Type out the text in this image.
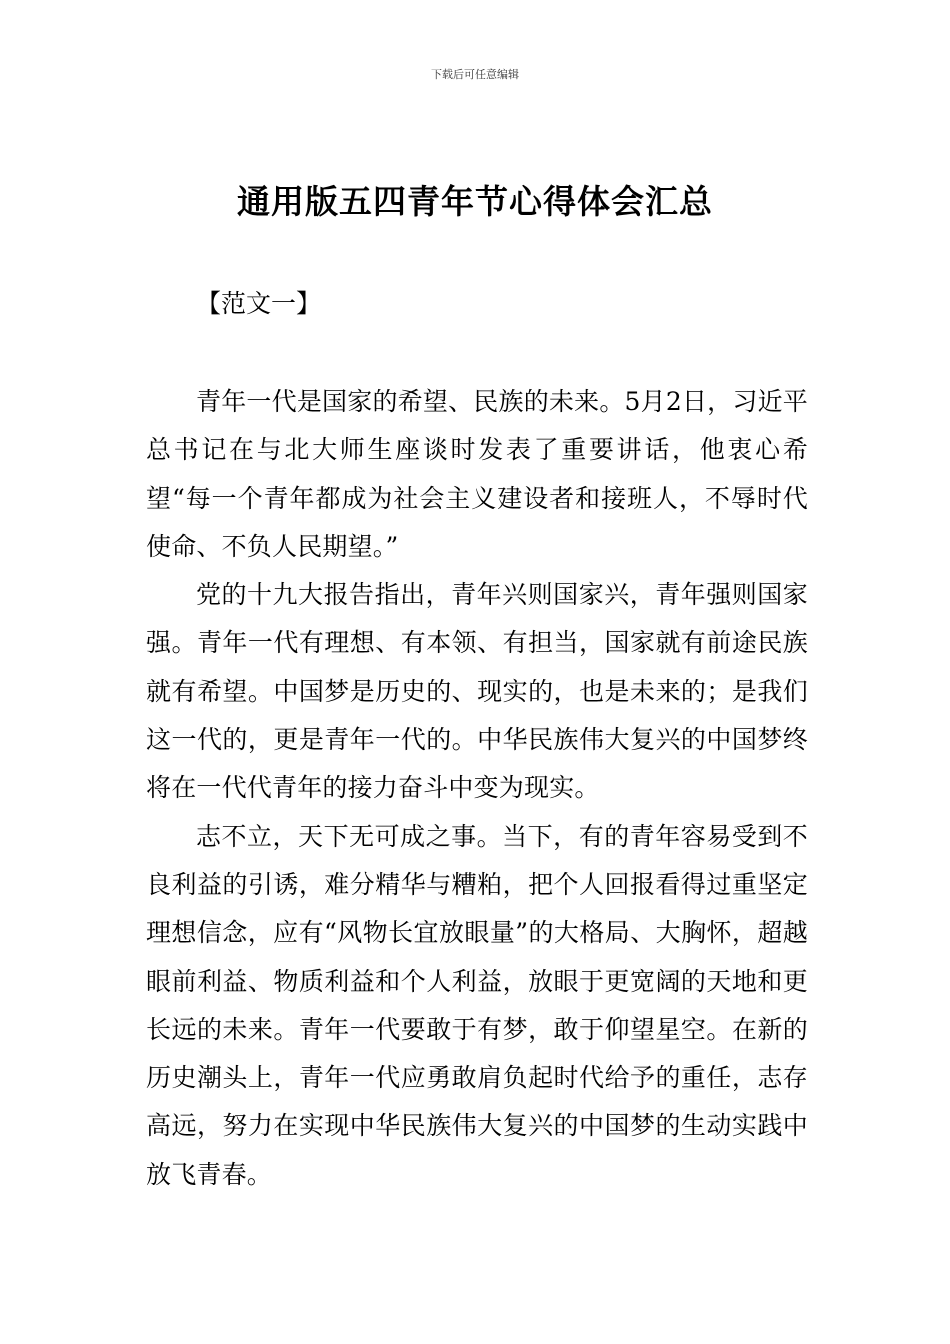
下载后可任意编辑
通用版五四青年节心得体会汇总
【范文一】

青年一代是国家的希望、民族的未来。5月2日，习近平总书记在与北大师生座谈时发表了重要讲话，他衷心希望“每一个青年都成为社会主义建设者和接班人，不辱时代使命、不负人民期望。”

党的十九大报告指出，青年兴则国家兴，青年强则国家强。青年一代有理想、有本领、有担当，国家就有前途民族就有希望。中国梦是历史的、现实的，也是未来的；是我们这一代的，更是青年一代的。中华民族伟大复兴的中国梦终将在一代代青年的接力奋斗中变为现实。

志不立，天下无可成之事。当下，有的青年容易受到不良利益的引诱，难分精华与糟粕，把个人回报看得过重坚定理想信念，应有“风物长宜放眼量”的大格局、大胸怀，超越眼前利益、物质利益和个人利益，放眼于更宽阔的天地和更长远的未来。青年一代要敢于有梦，敢于仰望星空。在新的历史潮头上，青年一代应勇敢肩负起时代给予的重任，志存高远，努力在实现中华民族伟大复兴的中国梦的生动实践中放飞青春。
